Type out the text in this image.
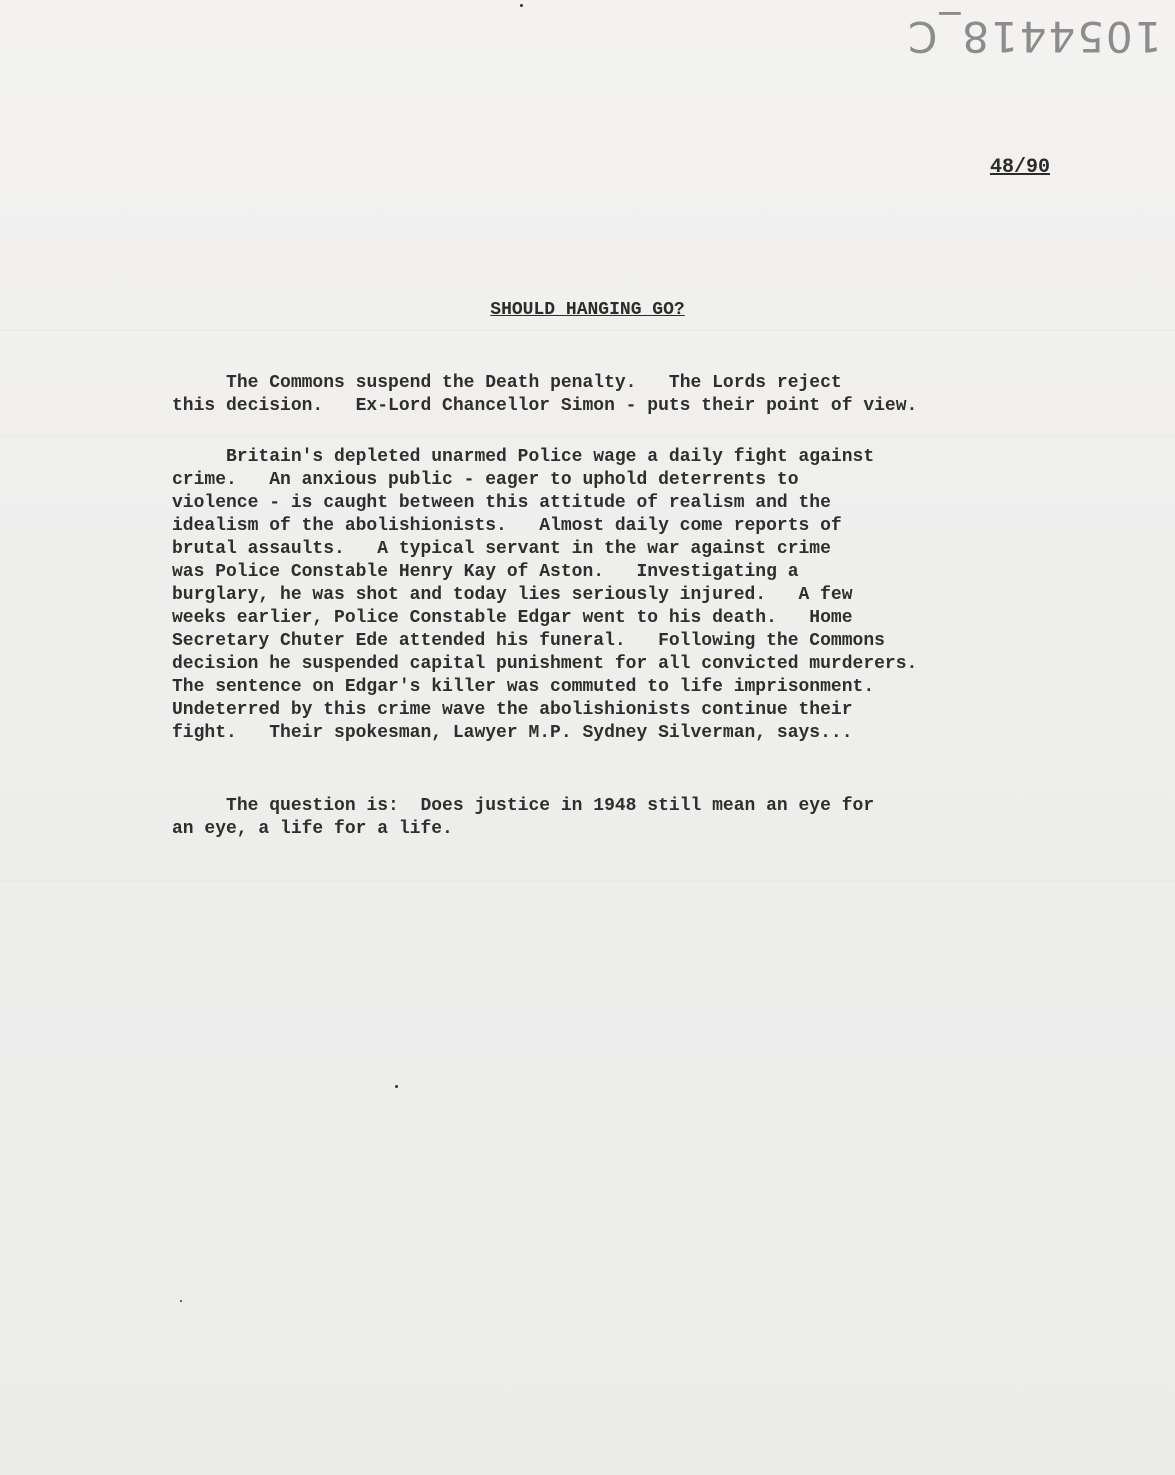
1054418_C
48/90
SHOULD HANGING GO?

The Commons suspend the Death penalty.   The Lords reject
this decision.   Ex-Lord Chancellor Simon - puts their point of view.

Britain's depleted unarmed Police wage a daily fight against
crime.   An anxious public - eager to uphold deterrents to
violence - is caught between this attitude of realism and the
idealism of the abolishionists.   Almost daily come reports of
brutal assaults.   A typical servant in the war against crime
was Police Constable Henry Kay of Aston.   Investigating a
burglary, he was shot and today lies seriously injured.   A few
weeks earlier, Police Constable Edgar went to his death.   Home
Secretary Chuter Ede attended his funeral.   Following the Commons
decision he suspended capital punishment for all convicted murderers.
The sentence on Edgar's killer was commuted to life imprisonment.
Undeterred by this crime wave the abolishionists continue their
fight.   Their spokesman, Lawyer M.P. Sydney Silverman, says...

The question is:  Does justice in 1948 still mean an eye for
an eye, a life for a life.
